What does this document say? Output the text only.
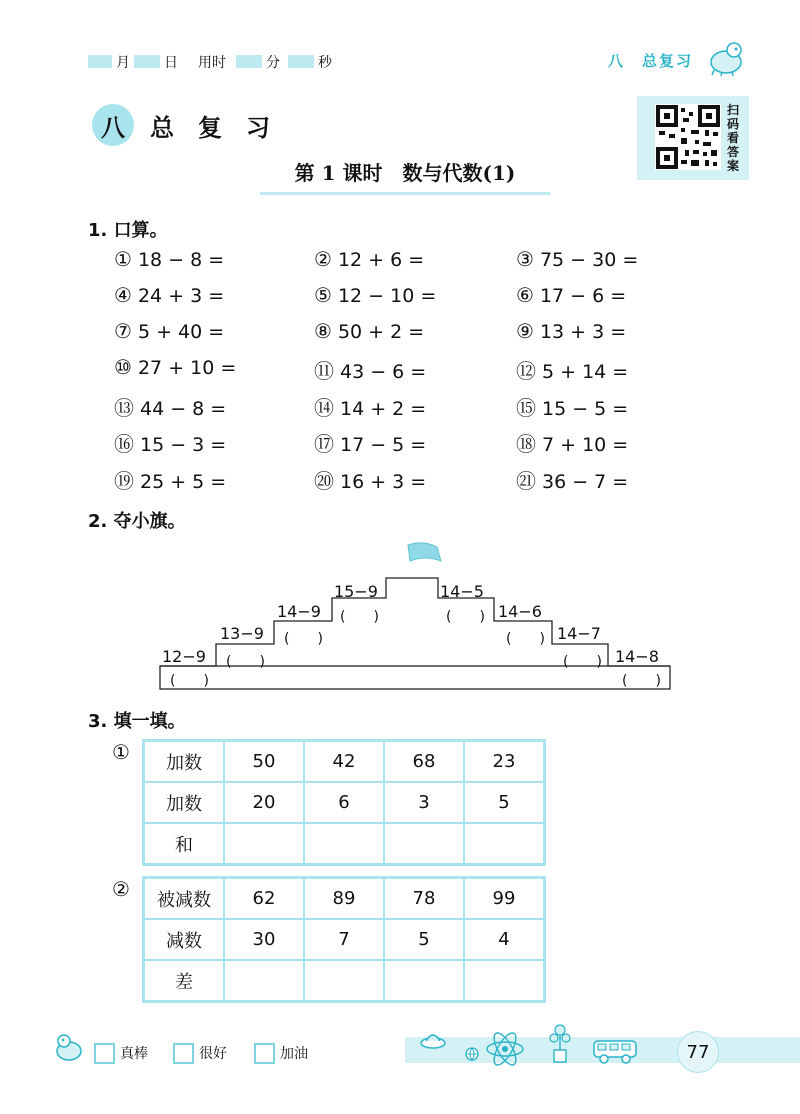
月 日 用时	分	秒	八　总复习
八 总复习
扫码看答案
第 1 课时　数与代数(1)
1. 口算。
① 18 − 8 =	② 12 + 6 =	③ 75 − 30 =
④ 24 + 3 =	⑤ 12 − 10 =	⑥ 17 − 6 =
⑦ 5 + 40 =	⑧ 50 + 2 =	⑨ 13 + 3 =
⑩ 27 + 10 =	⑪ 43 − 6 =	⑫ 5 + 14 =
⑬ 44 − 8 =	⑭ 14 + 2 =	⑮ 15 − 5 =
⑯ 15 − 3 =	⑰ 17 − 5 =	⑱ 7 + 10 =
⑲ 25 + 5 =	⑳ 16 + 3 =	㉑ 36 − 7 =
2. 夺小旗。
12−9
13−9
14−9
15−9	14−5
14−6
14−7
14−8
(　　)
(　　)
(　　)
(　　)	(　　)
(　　)
(　　)
(　　)
3. 填一填。
① 加数	50	42	68	23
加数	20	6	3	5
和				
② 被减数	62	89	78	99
减数	30	7	5	4
差				
真棒	很好	加油	77
